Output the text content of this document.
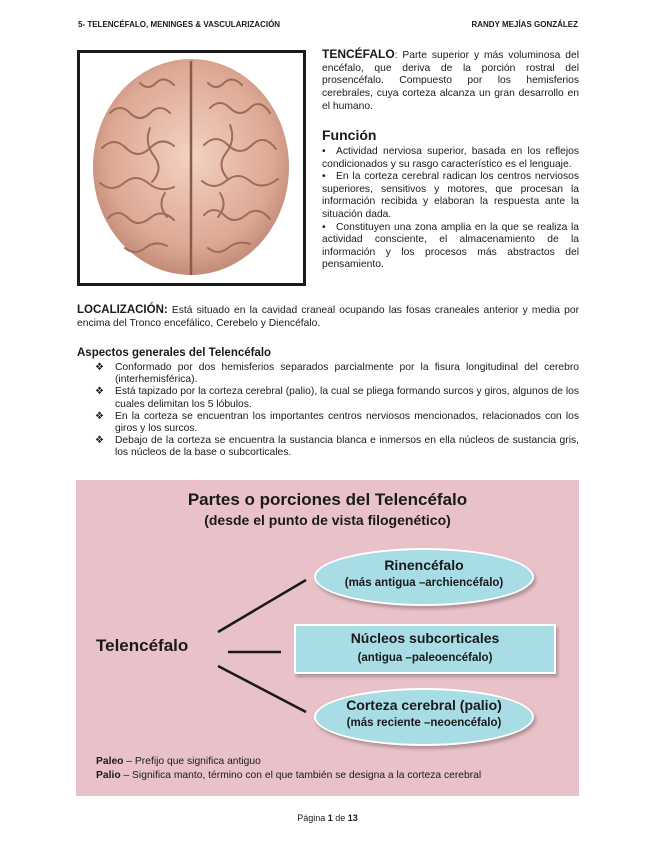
5- TELENCÉFALO, MENINGES & VASCULARIZACIÓN	RANDY MEJÍAS GONZÁLEZ
TENCÉFALO: Parte superior y más voluminosa del encéfalo, que deriva de la porción rostral del prosencéfalo. Compuesto por los hemisferios cerebrales, cuya corteza alcanza un gran desarrollo en el humano.
Función

• Actividad nerviosa superior, basada en los reflejos condicionados y su rasgo característico es el lenguaje.

• En la corteza cerebral radican los centros nerviosos superiores, sensitivos y motores, que procesan la información recibida y elaboran la respuesta ante la situación dada.

• Constituyen una zona amplia en la que se realiza la actividad consciente, el almacenamiento de la información y los procesos más abstractos del pensamiento.

LOCALIZACIÓN: Está situado en la cavidad craneal ocupando las fosas craneales anterior y media por encima del Tronco encefálico, Cerebelo y Diencéfalo.
Aspectos generales del Telencéfalo

❖ Conformado por dos hemisferios separados parcialmente por la fisura longitudinal del cerebro (interhemisférica).

❖ Está tapizado por la corteza cerebral (palio), la cual se pliega formando surcos y giros, algunos de los cuales delimitan los 5 lóbulos.

❖ En la corteza se encuentran los importantes centros nerviosos mencionados, relacionados con los giros y los surcos.

❖ Debajo de la corteza se encuentra la sustancia blanca e inmersos en ella núcleos de sustancia gris, los núcleos de la base o subcorticales.

Partes o porciones del Telencéfalo
(desde el punto de vista filogenético)
Telencéfalo
Rinencéfalo
(más antigua –archiencéfalo)
Núcleos subcorticales
(antigua –paleoencéfalo)
Corteza cerebral (palio)
(más reciente –neoencéfalo)
Paleo – Prefijo que significa antiguo
Palio – Significa manto, término con el que también se designa a la corteza cerebral
Página 1 de 13
